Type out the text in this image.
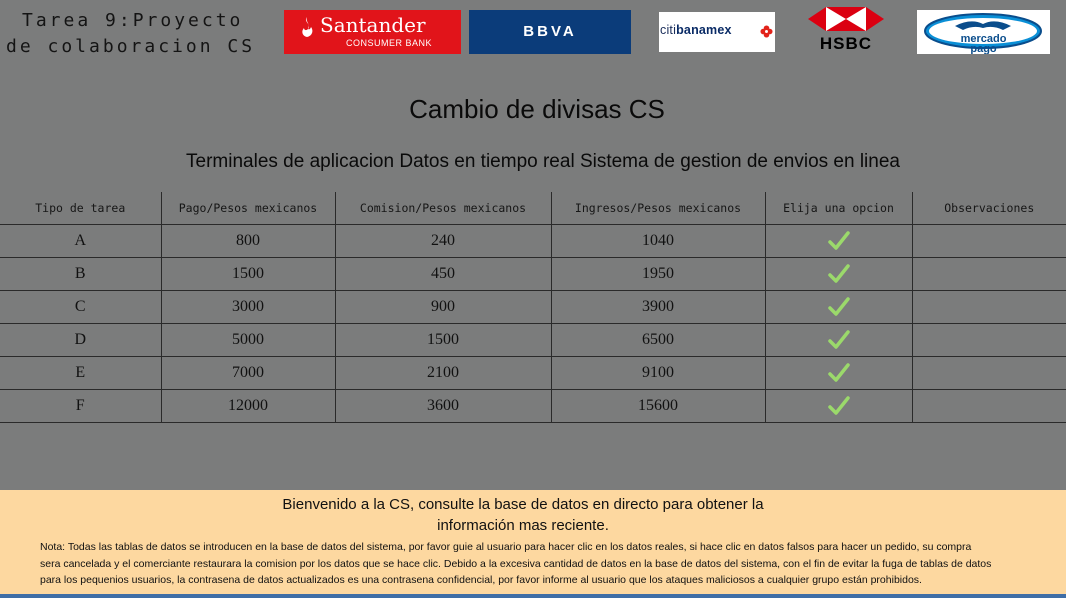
Tarea 9:Proyecto
de colaboracion CS
Santander
CONSUMER BANK
BBVA	citibanamex
HSBC	mercado
pago
Cambio de divisas CS
Terminales de aplicacion Datos en tiempo real Sistema de gestion de envios en linea
Tipo de tarea	Pago/Pesos mexicanos	Comision/Pesos mexicanos	Ingresos/Pesos mexicanos	Elija una opcion	Observaciones
A	800	240	1040		
B	1500	450	1950		
C	3000	900	3900		
D	5000	1500	6500		
E	7000	2100	9100		
F	12000	3600	15600		
Bienvenido a la CS, consulte la base de datos en directo para obtener la
información mas reciente.
Nota: Todas las tablas de datos se introducen en la base de datos del sistema, por favor guie al usuario para hacer clic en los datos reales, si hace clic en datos falsos para hacer un pedido, su compra
sera cancelada y el comerciante restaurara la comision por los datos que se hace clic. Debido a la excesiva cantidad de datos en la base de datos del sistema, con el fin de evitar la fuga de tablas de datos
para los pequenios usuarios, la contrasena de datos actualizados es una contrasena confidencial, por favor informe al usuario que los ataques maliciosos a cualquier grupo están prohibidos.
